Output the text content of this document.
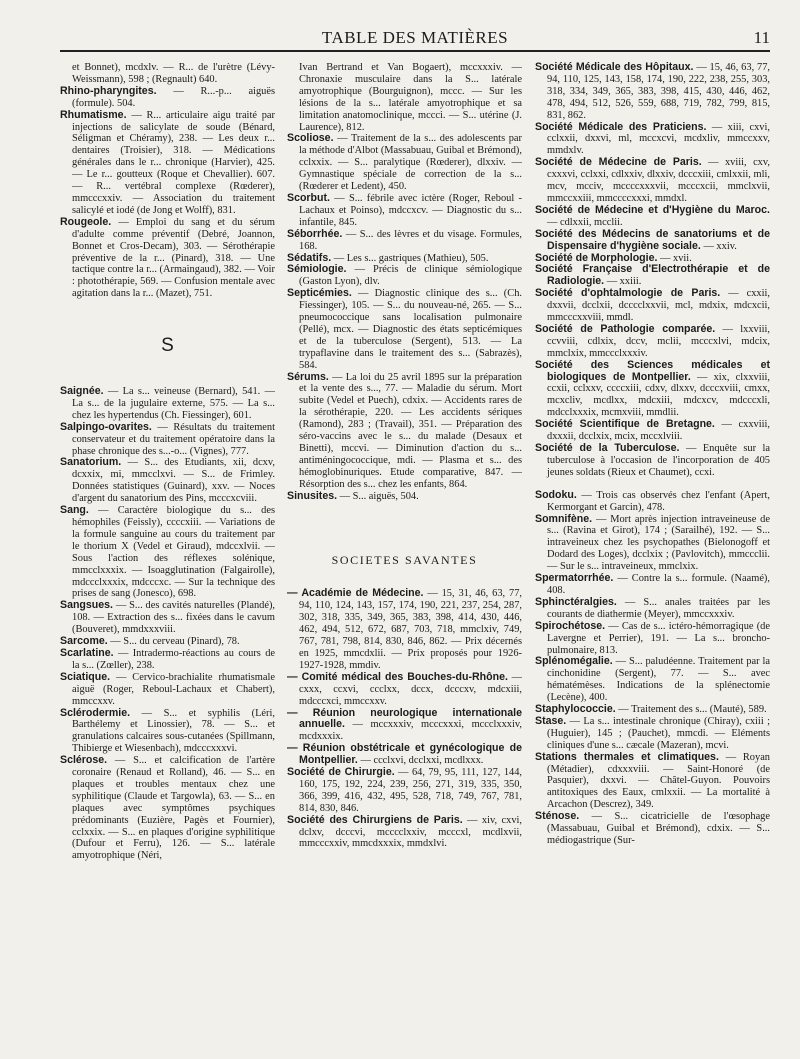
TABLE DES MATIÈRES	11

et Bonnet), mcdxlv. — R... de l'urètre (Lévy-Weissmann), 598 ; (Regnault) 640.

Rhino-pharyngites. — R...-p... aiguës (formule). 504.

Rhumatisme. — R... articulaire aigu traité par injections de salicylate de soude (Bénard, Séligman et Chéramy), 238. — Les deux r... dentaires (Troisier), 318. — Médications générales dans le r... chronique (Harvier), 425. — Le r... goutteux (Roque et Chevallier). 607. — R... vertébral complexe (Rœderer), mmcccxxiv. — Association du traitement salicylé et iodé (de Jong et Wolff), 831.

Rougeole. — Emploi du sang et du sérum d'adulte comme préventif (Debré, Joannon, Bonnet et Cros-Decam), 303. — Sérothérapie préventive de la r... (Pinard), 318. — Une tactique contre la r... (Armaingaud), 382. — Voir : photothérapie, 569. — Confusion mentale avec agitation dans la r... (Mazet), 751.

S

Saignée. — La s... veineuse (Bernard), 541. — La s... de la jugulaire externe, 575. — La s... chez les hypertendus (Ch. Fiessinger), 601.

Salpingo-ovarites. — Résultats du traitement conservateur et du traitement opératoire dans la phase chronique des s...-o... (Vignes), 777.

Sanatorium. — S... des Etudiants, xii, dcxv, dcxxix, mi, mmcclxvi. — S... de Frimley. Données statistiques (Guinard), xxv. — Noces d'argent du sanatorium des Pins, mcccxcviii.

Sang. — Caractère biologique du s... des hémophiles (Feissly), ccccxiii. — Variations de la formule sanguine au cours du traitement par le thorium X (Vedel et Giraud), mdccxlvii. — Sous l'action des réflexes solénique, mmcclxxxix. — Isoagglutination (Falgairolle), mdccclxxxix, mdcccxc. — Sur la technique des prises de sang (Jonesco), 698.

Sangsues. — S... des cavités naturelles (Plandé), 108. — Extraction des s... fixées dans le cavum (Bouveret), mmdxxxviii.

Sarcome. — S... du cerveau (Pinard), 78.

Scarlatine. — Intradermo-réactions au cours de la s... (Zœller), 238.

Sciatique. — Cervico-brachialite rhumatismale aiguë (Roger, Reboul-Lachaux et Chabert), mmccxxv.

Sclérodermie. — S... et syphilis (Léri, Barthélemy et Linossier), 78. — S... et granulations calcaires sous-cutanées (Spillmann, Thibierge et Wiesenbach), mdcccxxxvi.

Sclérose. — S... et calcification de l'artère coronaire (Renaud et Rolland), 46. — S... en plaques et troubles mentaux chez une syphilitique (Claude et Targowla), 63. — S... en plaques avec symptômes psychiques prédominants (Euzière, Pagès et Fournier), cclxxix. — S... en plaques d'origine syphilitique (Dufour et Ferru), 126. — S... latérale amyotrophique (Néri,

Ivan Bertrand et Van Bogaert), mccxxxiv. — Chronaxie musculaire dans la S... latérale amyotrophique (Bourguignon), mccc. — Sur les lésions de la s... latérale amyotrophique et sa limitation anatomoclinique, mccci. — S... utérine (J. Laurence), 812.

Scoliose. — Traitement de la s... des adolescents par la méthode d'Albot (Massabuau, Guibal et Brémond), cclxxix. — S... paralytique (Rœderer), dlxxiv. — Gymnastique spéciale de correction de la s... (Rœderer et Ledent), 450.

Scorbut. — S... fébrile avec ictère (Roger, Reboul - Lachaux et Poinso), mdccxcv. — Diagnostic du s... infantile, 845.

Séborrhée. — S... des lèvres et du visage. Formules, 168.

Sédatifs. — Les s... gastriques (Mathieu), 505.

Sémiologie. — Précis de clinique sémiologique (Gaston Lyon), dlv.

Septicémies. — Diagnostic clinique des s... (Ch. Fiessinger), 105. — S... du nouveau-né, 265. — S... pneumococcique sans localisation pulmonaire (Pellé), mcx. — Diagnostic des états septicémiques et de la tuberculose (Sergent), 513. — La trypaflavine dans le traitement des s... (Sabrazès), 584.

Sérums. — La loi du 25 avril 1895 sur la préparation et la vente des s..., 77. — Maladie du sérum. Mort subite (Vedel et Puech), cdxix. — Accidents rares de la sérothérapie, 220. — Les accidents sériques (Ramond), 283 ; (Travail), 351. — Préparation des séro-vaccins avec le s... du malade (Desaux et Binetti), mccvi. — Diminution d'action du s... antiméningococcique, mdi. — Plasma et s... des hémoglobinuriques. Etude comparative, 847. — Résorption des s... chez les enfants, 864.

Sinusites. — S... aiguës, 504.

SOCIETES SAVANTES

— Académie de Médecine. — 15, 31, 46, 63, 77, 94, 110, 124, 143, 157, 174, 190, 221, 237, 254, 287, 302, 318, 335, 349, 365, 383, 398, 414, 430, 446, 462, 494, 512, 672, 687, 703, 718, mmclxiv, 749, 767, 781, 798, 814, 830, 846, 862. — Prix décernés en 1925, mmcdxlii. — Prix proposés pour 1926-1927-1928, mmdiv.

— Comité médical des Bouches-du-Rhône. — cxxx, ccxvi, ccclxx, dccx, dcccxv, mdcxiii, mdcccxci, mmccxxv.

— Réunion neurologique internationale annuelle. — mccxxxiv, mcccxxxi, mccclxxxiv, mcdxxxix.

— Réunion obstétricale et gynécologique de Montpellier. — ccclxvi, dcclxxi, mcdlxxx.

Société de Chirurgie. — 64, 79, 95, 111, 127, 144, 160, 175, 192, 224, 239, 256, 271, 319, 335, 350, 366, 399, 416, 432, 495, 528, 718, 749, 767, 781, 814, 830, 846.

Société des Chirurgiens de Paris. — xiv, cxvi, dclxv, dcccvi, mcccclxxiv, mcccxl, mcdlxvii, mmcccxxiv, mmcdxxxix, mmdxlvi.

Société Médicale des Hôpitaux. — 15, 46, 63, 77, 94, 110, 125, 143, 158, 174, 190, 222, 238, 255, 303, 318, 334, 349, 365, 383, 398, 415, 430, 446, 462, 478, 494, 512, 526, 559, 688, 719, 782, 799, 815, 831, 862.

Société Médicale des Praticiens. — xiii, cxvi, cclxxii, dxxvi, ml, mccxcvi, mcdxliv, mmccxxv, mmdxlv.

Société de Médecine de Paris. — xviii, cxv, cxxxvi, cclxxi, cdlxxiv, dlxxiv, dcccxiii, cmlxxii, mli, mcv, mcciv, mccccxxxvii, mcccxcii, mmclxvii, mmccxxiii, mmccccxxxi, mmdxl.

Société de Médecine et d'Hygiène du Maroc. — cdlxxii, mcclii.

Société des Médecins de sanatoriums et de Dispensaire d'hygiène sociale. — xxiv.

Société de Morphologie. — xvii.

Société Française d'Electrothérapie et de Radiologie. — xxiii.

Société d'ophtalmologie de Paris. — cxxii, dxxvii, dcclxii, dcccclxxvii, mcl, mdxix, mdcxcii, mmcccxxviii, mmdl.

Société de Pathologie comparée. — lxxviii, ccvviii, cdlxix, dccv, mclii, mcccxlvi, mdcix, mmclxix, mmccclxxxiv.

Société des Sciences médicales et biologiques de Montpellier. — xix, clxxviii, ccxii, cclxxv, ccccxiii, cdxv, dlxxv, dcccxviii, cmxx, mcxcliv, mcdlxx, mdcxiii, mdcxcv, mdcccxli, mdcclxxxix, mcmxviii, mmdlii.

Société Scientifique de Bretagne. — cxxviii, dxxxii, dcclxix, mcix, mccxlviii.

Société de la Tuberculose. — Enquête sur la tuberculose à l'occasion de l'incorporation de 405 jeunes soldats (Rieux et Chaumet), ccxi.

Sodoku. — Trois cas observés chez l'enfant (Apert, Kermorgant et Garcin), 478.

Somnifène. — Mort après injection intraveineuse de s... (Ravina et Girot), 174 ; (Sarailhé), 192. — S... intraveineux chez les psychopathes (Bielonogoff et Dodard des Loges), dcclxix ; (Pavlovitch), mmccclii. — Sur le s... intraveineux, mmclxix.

Spermatorrhée. — Contre la s... formule. (Naamé), 408.

Sphinctéralgies. — S... anales traitées par les courants de diathermie (Meyer), mmccxxxiv.

Spirochétose. — Cas de s... ictéro-hémorragique (de Lavergne et Perrier), 191. — La s... broncho-pulmonaire, 813.

Splénomégalie. — S... paludéenne. Traitement par la cinchonidine (Sergent), 77. — S... avec hématémèses. Indications de la splénectomie (Lecène), 400.

Staphylococcie. — Traitement des s... (Mauté), 589.

Stase. — La s... intestinale chronique (Chiray), cxiii ; (Huguier), 145 ; (Pauchet), mmcdi. — Eléments cliniques d'une s... cæcale (Mazeran), mcvi.

Stations thermales et climatiques. — Royan (Métadier), cdxxxviii. — Saint-Honoré (de Pasquier), dxxvi. — Châtel-Guyon. Pouvoirs antitoxiques des Eaux, cmlxxii. — La mortalité à Arcachon (Descrez), 349.

Sténose. — S... cicatricielle de l'œsophage (Massabuau, Guibal et Brémond), cdxix. — S... médiogastrique (Sur-
